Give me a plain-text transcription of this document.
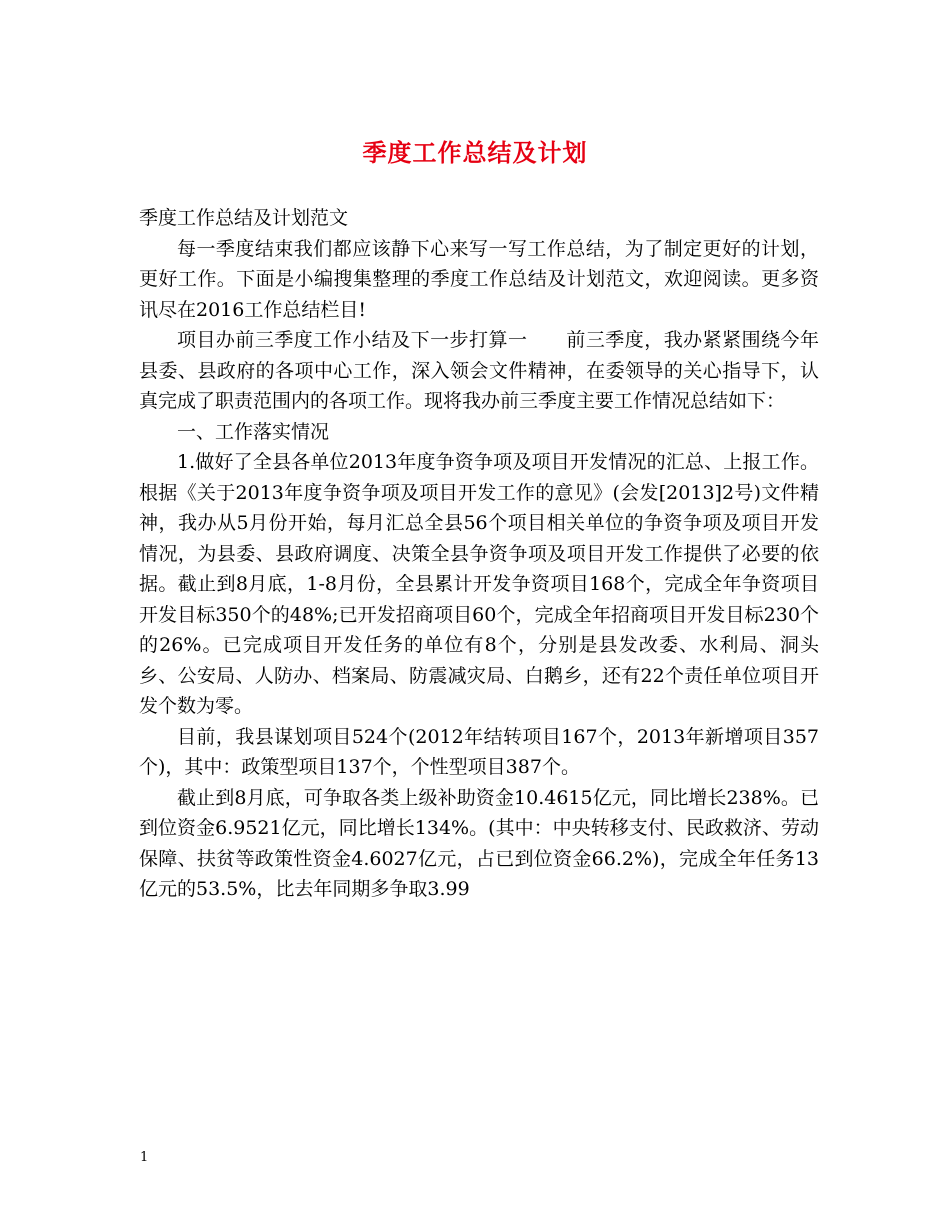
季度工作总结及计划

季度工作总结及计划范文

每一季度结束我们都应该静下心来写一写工作总结，为了制定更好的计划，更好工作。下面是小编搜集整理的季度工作总结及计划范文，欢迎阅读。更多资讯尽在2016工作总结栏目!

项目办前三季度工作小结及下一步打算一　　前三季度，我办紧紧围绕今年县委、县政府的各项中心工作，深入领会文件精神，在委领导的关心指导下，认真完成了职责范围内的各项工作。现将我办前三季度主要工作情况总结如下：

一、工作落实情况

1.做好了全县各单位2013年度争资争项及项目开发情况的汇总、上报工作。根据《关于2013年度争资争项及项目开发工作的意见》(会发[2013]2号)文件精神，我办从5月份开始，每月汇总全县56个项目相关单位的争资争项及项目开发情况，为县委、县政府调度、决策全县争资争项及项目开发工作提供了必要的依据。截止到8月底，1-8月份，全县累计开发争资项目168个，完成全年争资项目开发目标350个的48%;已开发招商项目60个，完成全年招商项目开发目标230个的26%。已完成项目开发任务的单位有8个，分别是县发改委、水利局、洞头乡、公安局、人防办、档案局、防震减灾局、白鹅乡，还有22个责任单位项目开发个数为零。

目前，我县谋划项目524个(2012年结转项目167个，2013年新增项目357个)，其中：政策型项目137个，个性型项目387个。

截止到8月底，可争取各类上级补助资金10.4615亿元，同比增长238%。已到位资金6.9521亿元，同比增长134%。(其中：中央转移支付、民政救济、劳动保障、扶贫等政策性资金4.6027亿元，占已到位资金66.2%)，完成全年任务13亿元的53.5%，比去年同期多争取3.99

1
